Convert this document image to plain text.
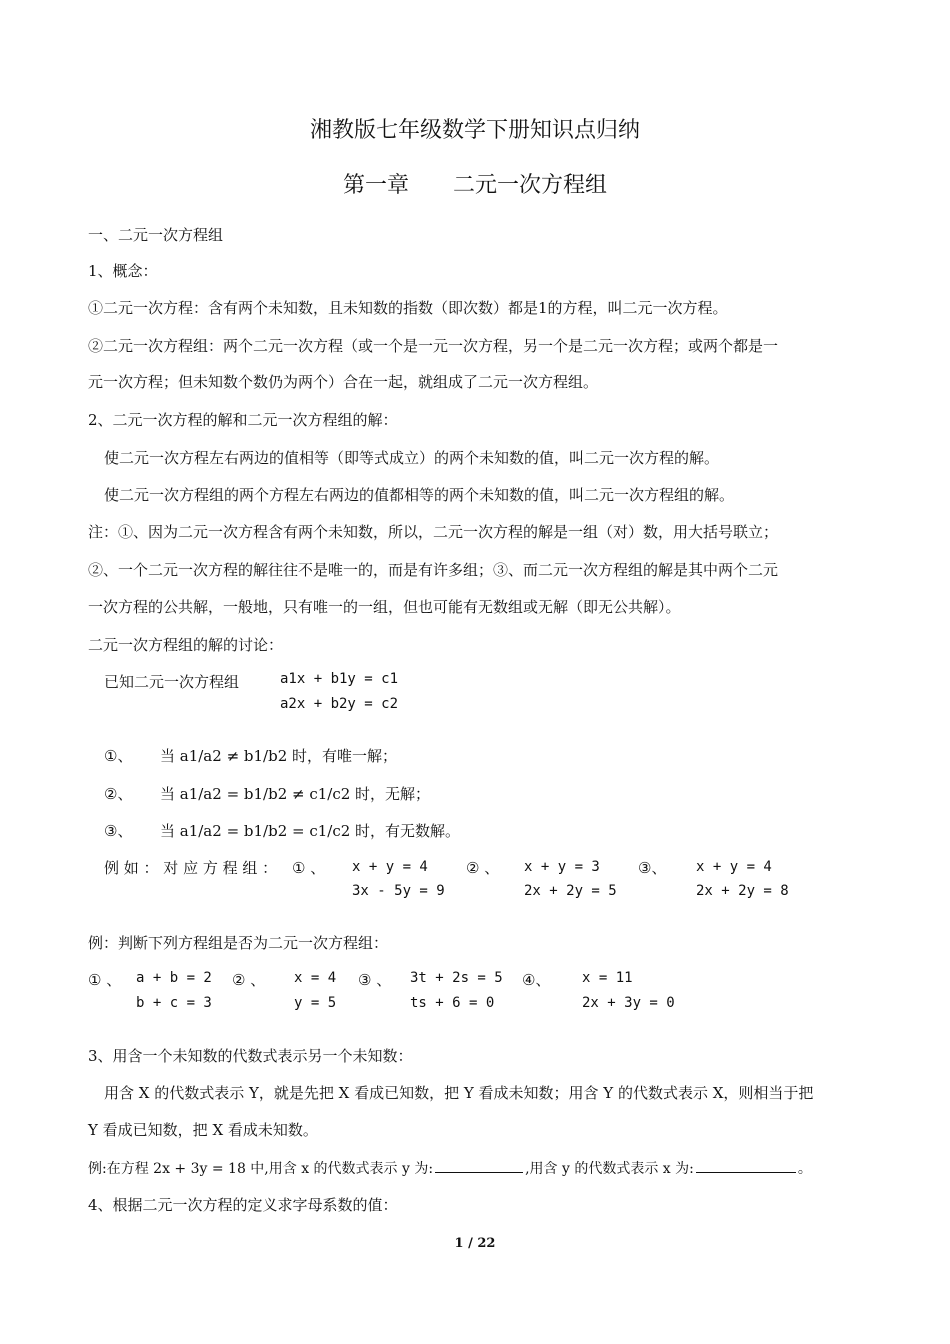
湘教版七年级数学下册知识点归纳
第一章　　二元一次方程组
一、二元一次方程组
1、概念：
①二元一次方程：含有两个未知数，且未知数的指数（即次数）都是1的方程，叫二元一次方程。
②二元一次方程组：两个二元一次方程（或一个是一元一次方程，另一个是二元一次方程；或两个都是一
元一次方程；但未知数个数仍为两个）合在一起，就组成了二元一次方程组。
2、二元一次方程的解和二元一次方程组的解：
使二元一次方程左右两边的值相等（即等式成立）的两个未知数的值，叫二元一次方程的解。
使二元一次方程组的两个方程左右两边的值都相等的两个未知数的值，叫二元一次方程组的解。
注：①、因为二元一次方程含有两个未知数，所以，二元一次方程的解是一组（对）数，用大括号联立；
②、一个二元一次方程的解往往不是唯一的，而是有许多组；③、而二元一次方程组的解是其中两个二元
一次方程的公共解，一般地，只有唯一的一组，但也可能有无数组或无解（即无公共解）。
二元一次方程组的解的讨论：
已知二元一次方程组	a1x + b1y = c1
a2x + b2y = c2
①、 当 a1/a2 ≠ b1/b2 时，有唯一解；
②、 当 a1/a2 = b1/b2 ≠ c1/c2 时，无解；
③、 当 a1/a2 = b1/b2 = c1/c2 时，有无数解。
例 如 ： 对 应 方 程 组 ： ① 、 x + y = 4
3x - 5y = 9
② 、 x + y = 3
2x + 2y = 5
③、 x + y = 4
2x + 2y = 8
例：判断下列方程组是否为二元一次方程组：
① 、 a + b = 2
b + c = 3
② 、 x = 4
y = 5
③ 、 3t + 2s = 5
ts + 6 = 0
④、 x = 11
2x + 3y = 0
3、用含一个未知数的代数式表示另一个未知数：
用含 X 的代数式表示 Y，就是先把 X 看成已知数，把 Y 看成未知数；用含 Y 的代数式表示 X，则相当于把
Y 看成已知数，把 X 看成未知数。
例:在方程 2x + 3y = 18 中,用含 x 的代数式表示 y 为:	,用含 y 的代数式表示 x 为:	。
4、根据二元一次方程的定义求字母系数的值：
1 / 22
